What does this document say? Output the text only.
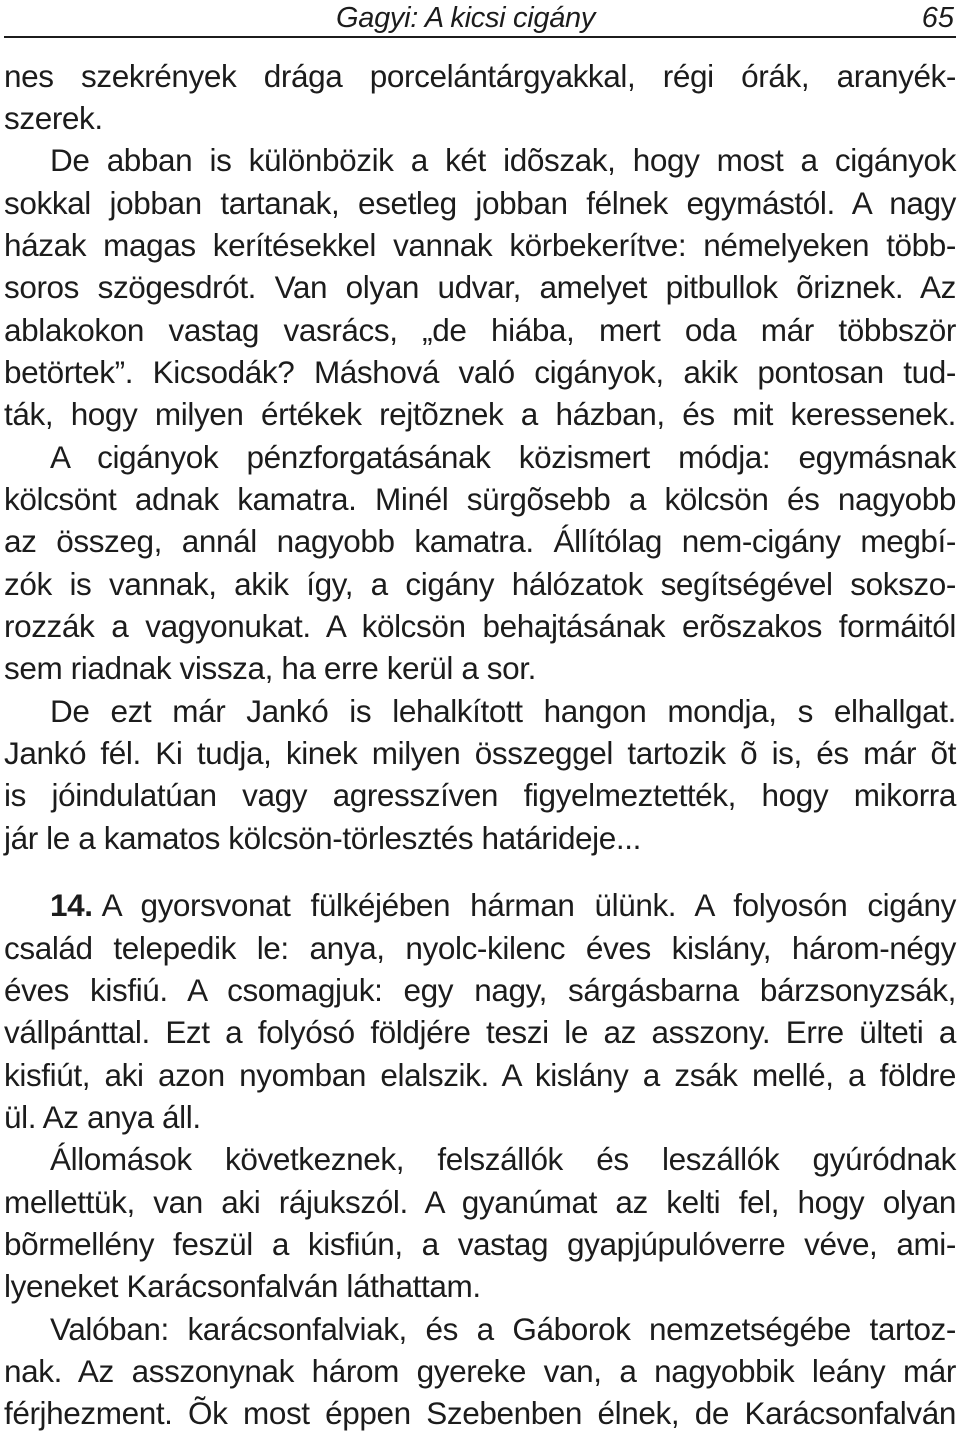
Gagyi: A kicsi cigány	65
nes szekrények drága porcelántárgyakkal, régi órák, aranyék-
szerek.
De abban is különbözik a két idõszak, hogy most a cigányok
sokkal jobban tartanak, esetleg jobban félnek egymástól. A nagy
házak magas kerítésekkel vannak körbekerítve: némelyeken több-
soros szögesdrót. Van olyan udvar, amelyet pitbullok õriznek. Az
ablakokon vastag vasrács, „de hiába, mert oda már többször
betörtek”. Kicsodák? Máshová való cigányok, akik pontosan tud-
ták, hogy milyen értékek rejtõznek a házban, és mit keressenek.
A cigányok pénzforgatásának közismert módja: egymásnak
kölcsönt adnak kamatra. Minél sürgõsebb a kölcsön és nagyobb
az összeg, annál nagyobb kamatra. Állítólag nem-cigány megbí-
zók is vannak, akik így, a cigány hálózatok segítségével sokszo-
rozzák a vagyonukat. A kölcsön behajtásának erõszakos formáitól
sem riadnak vissza, ha erre kerül a sor.
De ezt már Jankó is lehalkított hangon mondja, s elhallgat.
Jankó fél. Ki tudja, kinek milyen összeggel tartozik õ is, és már õt
is jóindulatúan vagy agresszíven figyelmeztették, hogy mikorra
jár le a kamatos kölcsön-törlesztés határideje...
14. A gyorsvonat fülkéjében hárman ülünk. A folyosón cigány
család telepedik le: anya, nyolc-kilenc éves kislány, három-négy
éves kisfiú. A csomagjuk: egy nagy, sárgásbarna bárzsonyzsák,
vállpánttal. Ezt a folyósó földjére teszi le az asszony. Erre ülteti a
kisfiút, aki azon nyomban elalszik. A kislány a zsák mellé, a földre
ül. Az anya áll.
Állomások következnek, felszállók és leszállók gyúródnak
mellettük, van aki rájukszól. A gyanúmat az kelti fel, hogy olyan
bõrmellény feszül a kisfiún, a vastag gyapjúpulóverre véve, ami-
lyeneket Karácsonfalván láthattam.
Valóban: karácsonfalviak, és a Gáborok nemzetségébe tartoz-
nak. Az asszonynak három gyereke van, a nagyobbik leány már
férjhezment. Õk most éppen Szebenben élnek, de Karácsonfalván
